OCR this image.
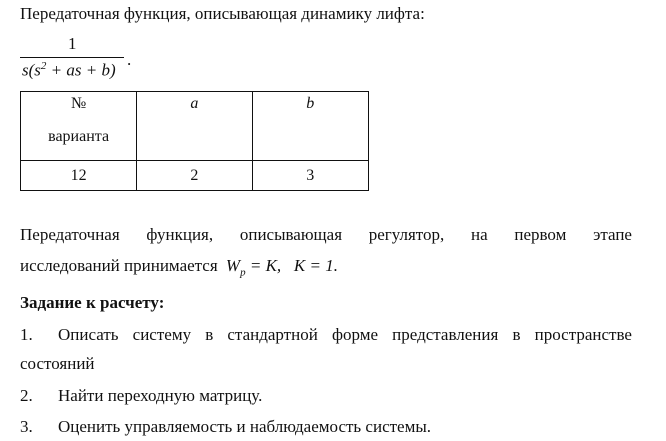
Передаточная функция, описывающая динамику лифта:
1
$s(s^2$ + as + b)
.
№
варианта	a	b
12	2	3
Передаточная функция, описывающая регулятор, на первом этапе
исследований принимается $W_p = K$,   K = 1.
Задание к расчету:
1. Описать систему в стандартной форме представления в пространстве
состояний
2. Найти переходную матрицу.
3. Оценить управляемость и наблюдаемость системы.
